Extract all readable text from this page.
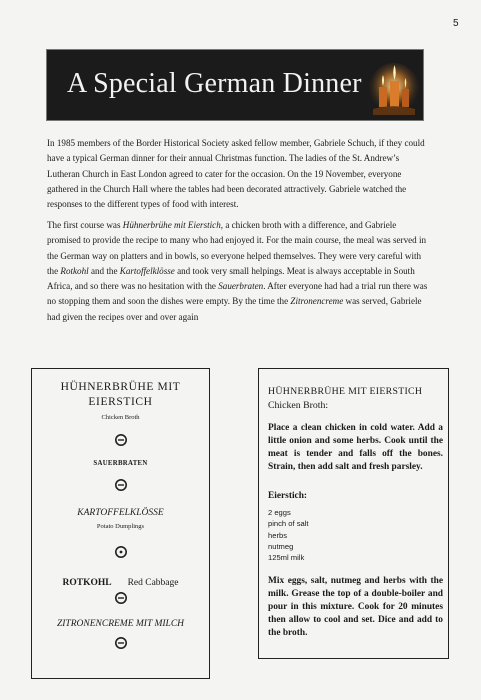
5
A Special German Dinner

In 1985 members of the Border Historical Society asked fellow member, Gabriele Schuch, if they could have a typical German dinner for their annual Christmas function. The ladies of the St. Andrew’s Lutheran Church in East London agreed to cater for the occasion. On the 19 November, everyone gathered in the Church Hall where the tables had been decorated attractively. Gabriele watched the responses to the different types of food with interest.

The first course was Hühnerbrühe mit Eierstich, a chicken broth with a difference, and Gabriele promised to provide the recipe to many who had enjoyed it. For the main course, the meal was served in the German way on platters and in bowls, so everyone helped themselves. They were very careful with the Rotkohl and the Kartoffelklösse and took very small helpings. Meat is always acceptable in South Africa, and so there was no hesitation with the Sauerbraten. After everyone had had a trial run there was no stopping them and soon the dishes were empty. By the time the Zitronencreme was served, Gabriele had given the recipes over and over again

HÜHNERBRÜHE MIT
EIERSTICH
Chicken Broth
SAUERBRATEN
KARTOFFELKLÖSSE
Potato Dumplings
ROTKOHL Red Cabbage
ZITRONENCREME MIT MILCH
HÜHNERBRÜHE MIT EIERSTICH
Chicken Broth:
Place a clean chicken in cold water. Add a little onion and some herbs. Cook until the meat is tender and falls off the bones. Strain, then add salt and fresh parsley.
Eierstich:
2 eggs
pinch of salt
herbs
nutmeg
125ml milk
Mix eggs, salt, nutmeg and herbs with the milk. Grease the top of a double-boiler and pour in this mixture. Cook for 20 minutes then allow to cool and set. Dice and add to the broth.
